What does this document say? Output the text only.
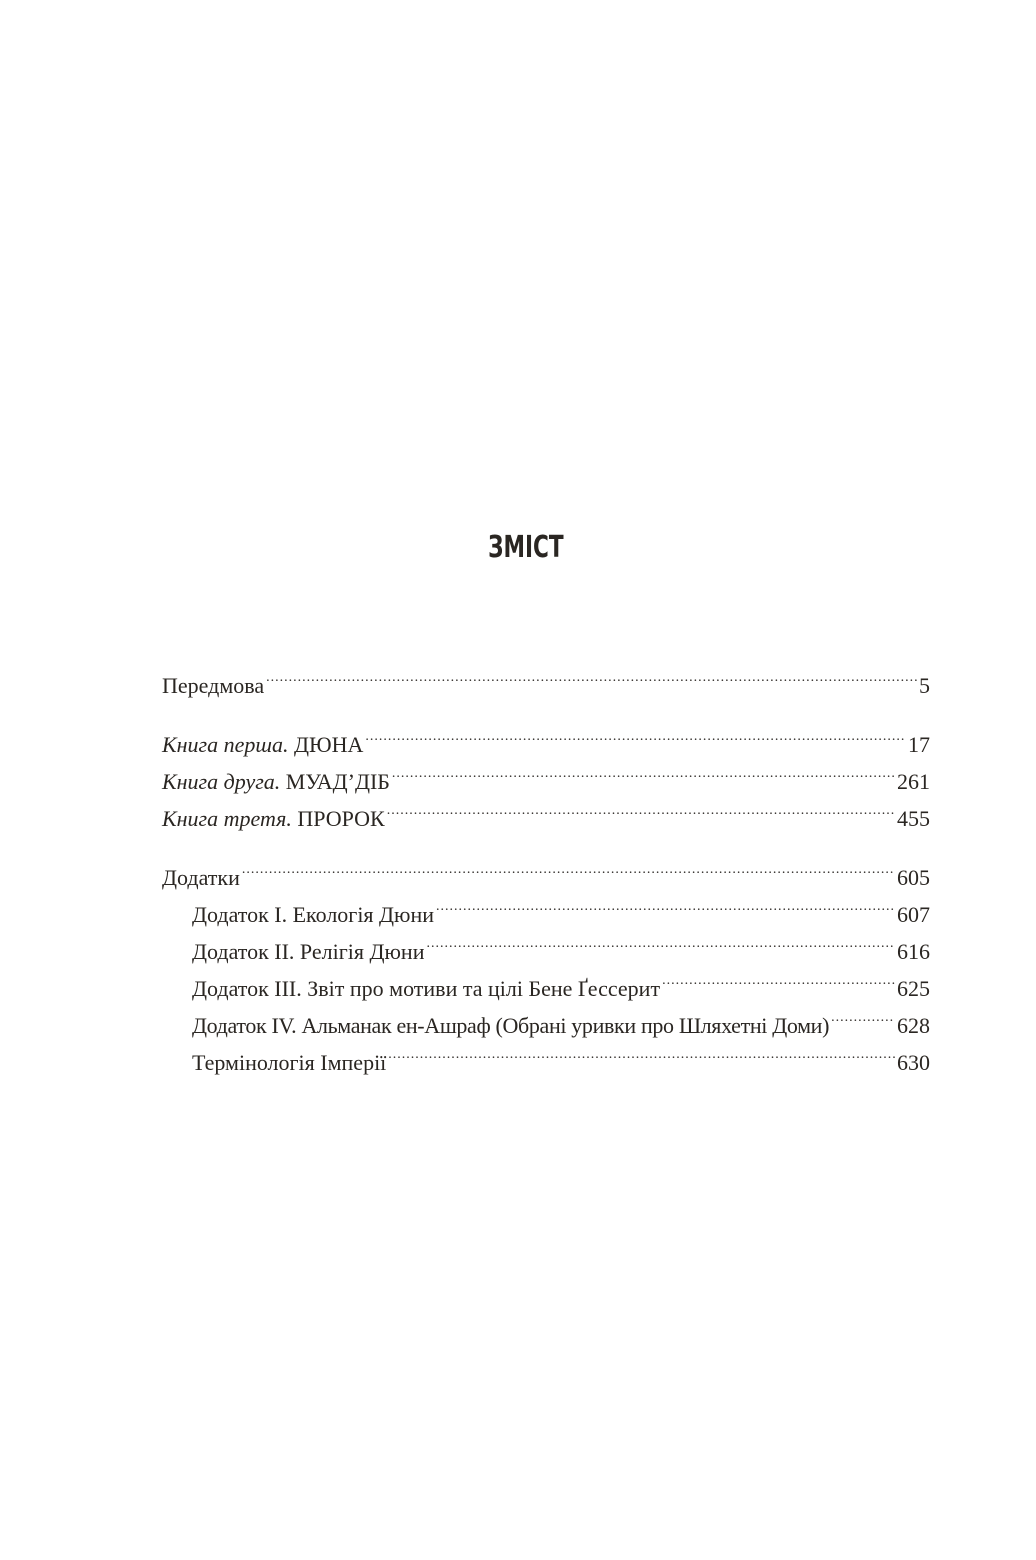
ЗМІСТ
Передмова .....	5
Книга перша. ДЮНА .....	17
Книга друга. МУАД’ДІБ .....	261
Книга третя. ПРОРОК .....	455
Додатки .....	605
Додаток I. Екологія Дюни .....	607
Додаток II. Релігія Дюни .....	616
Додаток III. Звіт про мотиви та цілі Бене Ґессерит .....	625
Додаток IV. Альманак ен-Ашраф (Обрані уривки про Шляхетні Доми) .....	628
Термінологія Імперії .....	630
